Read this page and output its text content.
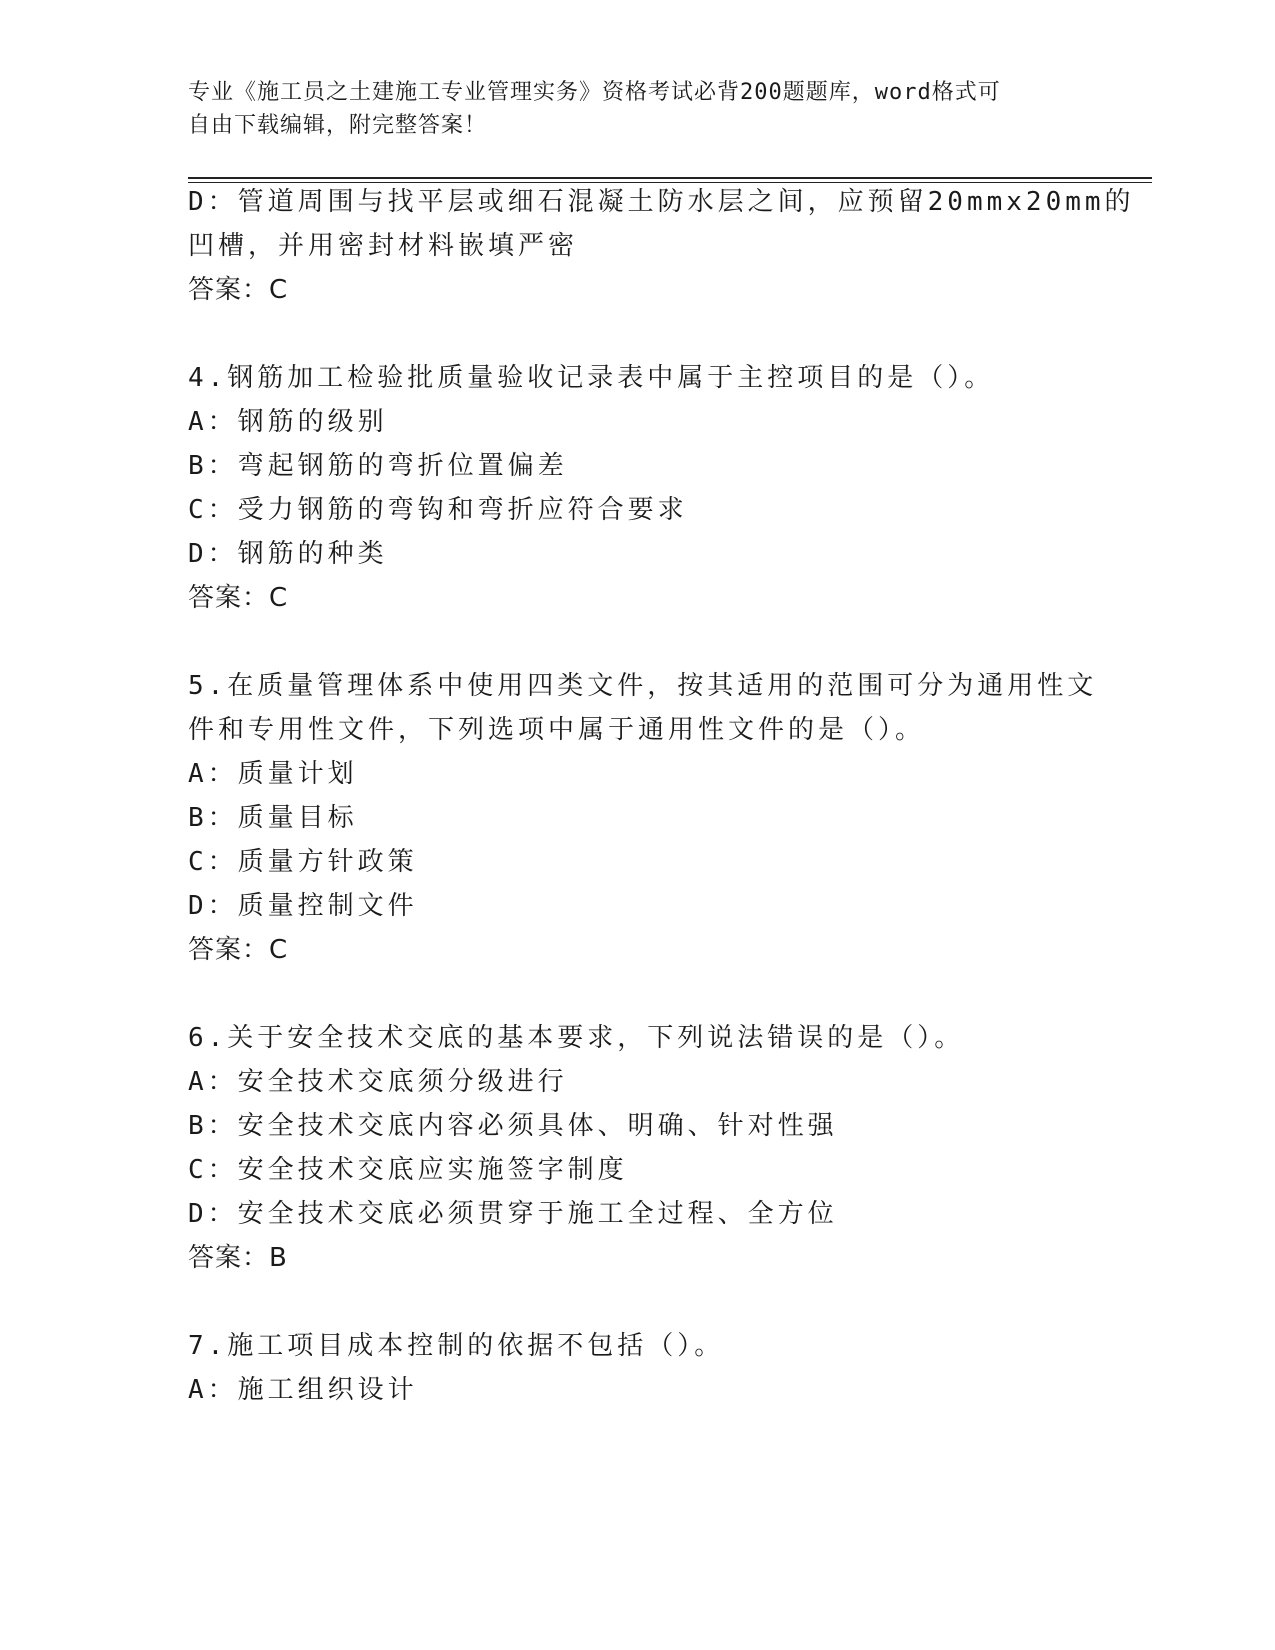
专业《施工员之土建施工专业管理实务》资格考试必背200题题库，word格式可
自由下载编辑，附完整答案！
D：管道周围与找平层或细石混凝土防水层之间，应预留20mmx20mm的
凹槽，并用密封材料嵌填严密
答案：C
4.钢筋加工检验批质量验收记录表中属于主控项目的是（）。
A：钢筋的级别
B：弯起钢筋的弯折位置偏差
C：受力钢筋的弯钩和弯折应符合要求
D：钢筋的种类
答案：C
5.在质量管理体系中使用四类文件，按其适用的范围可分为通用性文
件和专用性文件，下列选项中属于通用性文件的是（）。
A：质量计划
B：质量目标
C：质量方针政策
D：质量控制文件
答案：C
6.关于安全技术交底的基本要求，下列说法错误的是（）。
A：安全技术交底须分级进行
B：安全技术交底内容必须具体、明确、针对性强
C：安全技术交底应实施签字制度
D：安全技术交底必须贯穿于施工全过程、全方位
答案：B
7.施工项目成本控制的依据不包括（）。
A：施工组织设计
